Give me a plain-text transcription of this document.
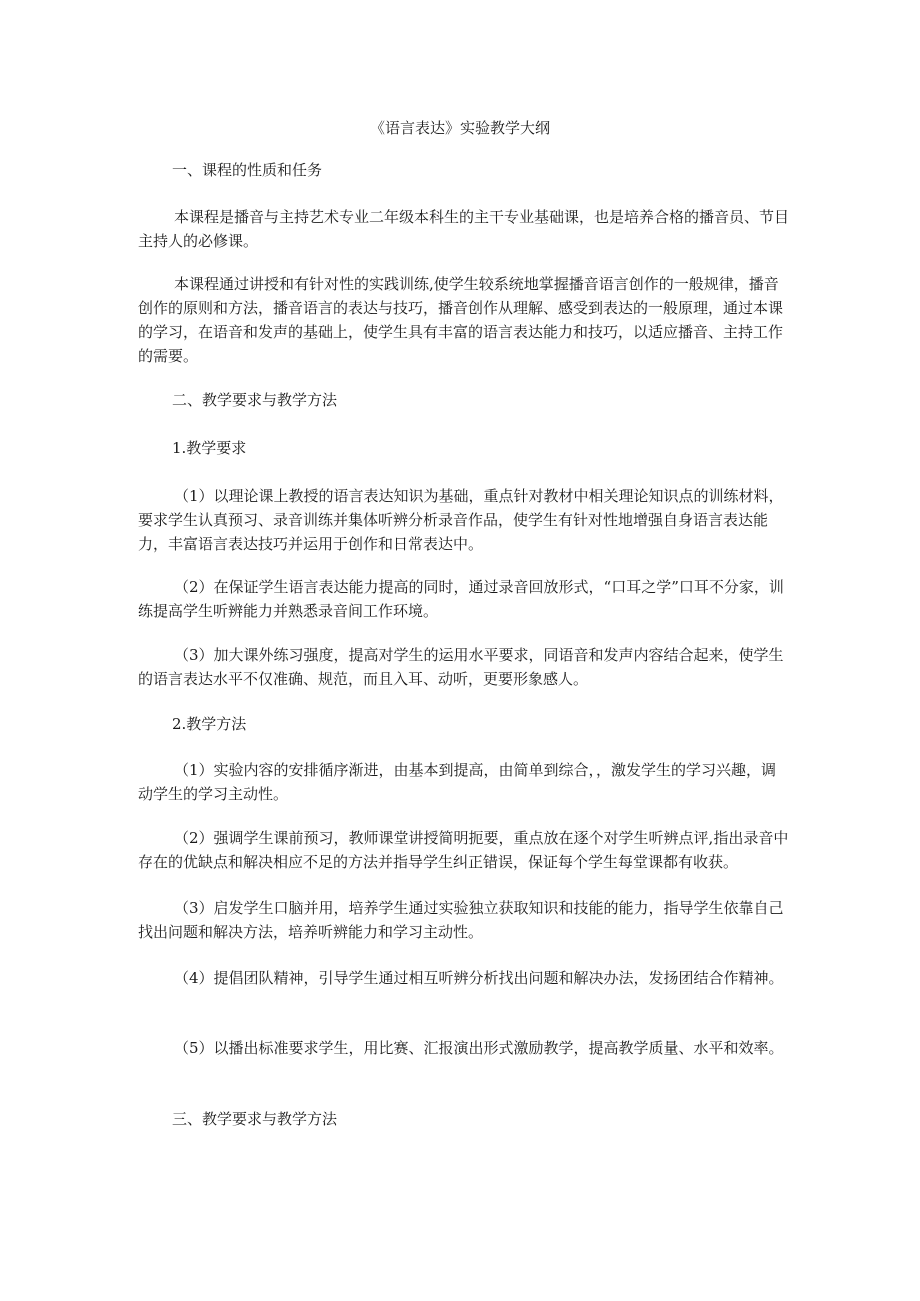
《语言表达》实验教学大纲

一、课程的性质和任务

本课程是播音与主持艺术专业二年级本科生的主干专业基础课，也是培养合格的播音员、节目主持人的必修课。

本课程通过讲授和有针对性的实践训练,使学生较系统地掌握播音语言创作的一般规律，播音创作的原则和方法，播音语言的表达与技巧，播音创作从理解、感受到表达的一般原理，通过本课的学习，在语音和发声的基础上，使学生具有丰富的语言表达能力和技巧，以适应播音、主持工作的需要。

二、教学要求与教学方法

1.教学要求

（1）以理论课上教授的语言表达知识为基础，重点针对教材中相关理论知识点的训练材料，要求学生认真预习、录音训练并集体听辨分析录音作品，使学生有针对性地增强自身语言表达能力，丰富语言表达技巧并运用于创作和日常表达中。

（2）在保证学生语言表达能力提高的同时，通过录音回放形式，“口耳之学”口耳不分家，训练提高学生听辨能力并熟悉录音间工作环境。

（3）加大课外练习强度，提高对学生的运用水平要求，同语音和发声内容结合起来，使学生的语言表达水平不仅准确、规范，而且入耳、动听，更要形象感人。

2.教学方法

（1）实验内容的安排循序渐进，由基本到提高，由简单到综合，，激发学生的学习兴趣，调动学生的学习主动性。

（2）强调学生课前预习，教师课堂讲授简明扼要，重点放在逐个对学生听辨点评,指出录音中存在的优缺点和解决相应不足的方法并指导学生纠正错误，保证每个学生每堂课都有收获。

（3）启发学生口脑并用，培养学生通过实验独立获取知识和技能的能力，指导学生依靠自己找出问题和解决方法，培养听辨能力和学习主动性。

（4）提倡团队精神，引导学生通过相互听辨分析找出问题和解决办法，发扬团结合作精神。

（5）以播出标准要求学生，用比赛、汇报演出形式激励教学，提高教学质量、水平和效率。

三、教学要求与教学方法
